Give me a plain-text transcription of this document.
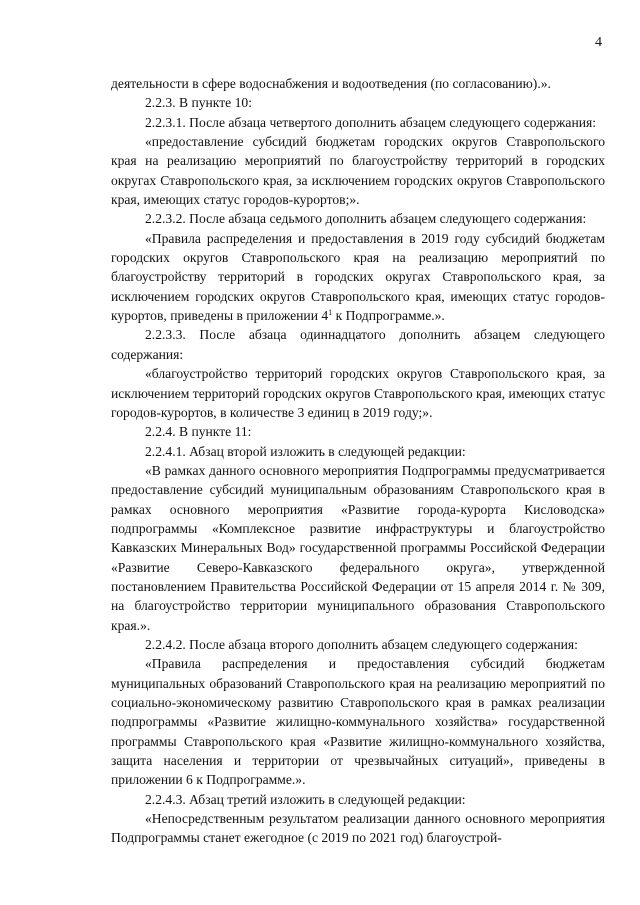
4

деятельности в сфере водоснабжения и водоотведения (по согласованию).».

2.2.3. В пункте 10:

2.2.3.1. После абзаца четвертого дополнить абзацем следующего содержания:

«предоставление субсидий бюджетам городских округов Ставропольского края на реализацию мероприятий по благоустройству территорий в городских округах Ставропольского края, за исключением городских округов Ставропольского края, имеющих статус городов-курортов;».

2.2.3.2. После абзаца седьмого дополнить абзацем следующего содержания:

«Правила распределения и предоставления в 2019 году субсидий бюджетам городских округов Ставропольского края на реализацию мероприятий по благоустройству территорий в городских округах Ставропольского края, за исключением городских округов Ставропольского края, имеющих статус городов-курортов, приведены в приложении $4^1$ к Подпрограмме.».

2.2.3.3. После абзаца одиннадцатого дополнить абзацем следующего содержания:

«благоустройство территорий городских округов Ставропольского края, за исключением территорий городских округов Ставропольского края, имеющих статус городов-курортов, в количестве 3 единиц в 2019 году;».

2.2.4. В пункте 11:

2.2.4.1. Абзац второй изложить в следующей редакции:

«В рамках данного основного мероприятия Подпрограммы предусматривается предоставление субсидий муниципальным образованиям Ставропольского края в рамках основного мероприятия «Развитие города-курорта Кисловодска» подпрограммы «Комплексное развитие инфраструктуры и благоустройство Кавказских Минеральных Вод» государственной программы Российской Федерации «Развитие Северо-Кавказского федерального округа», утвержденной постановлением Правительства Российской Федерации от 15 апреля 2014 г. № 309, на благоустройство территории муниципального образования Ставропольского края.».

2.2.4.2. После абзаца второго дополнить абзацем следующего содержания:

«Правила распределения и предоставления субсидий бюджетам муниципальных образований Ставропольского края на реализацию мероприятий по социально-экономическому развитию Ставропольского края в рамках реализации подпрограммы «Развитие жилищно-коммунального хозяйства» государственной программы Ставропольского края «Развитие жилищно-коммунального хозяйства, защита населения и территории от чрезвычайных ситуаций», приведены в приложении 6 к Подпрограмме.».

2.2.4.3. Абзац третий изложить в следующей редакции:

«Непосредственным результатом реализации данного основного мероприятия Подпрограммы станет ежегодное (с 2019 по 2021 год) благоустрой-
